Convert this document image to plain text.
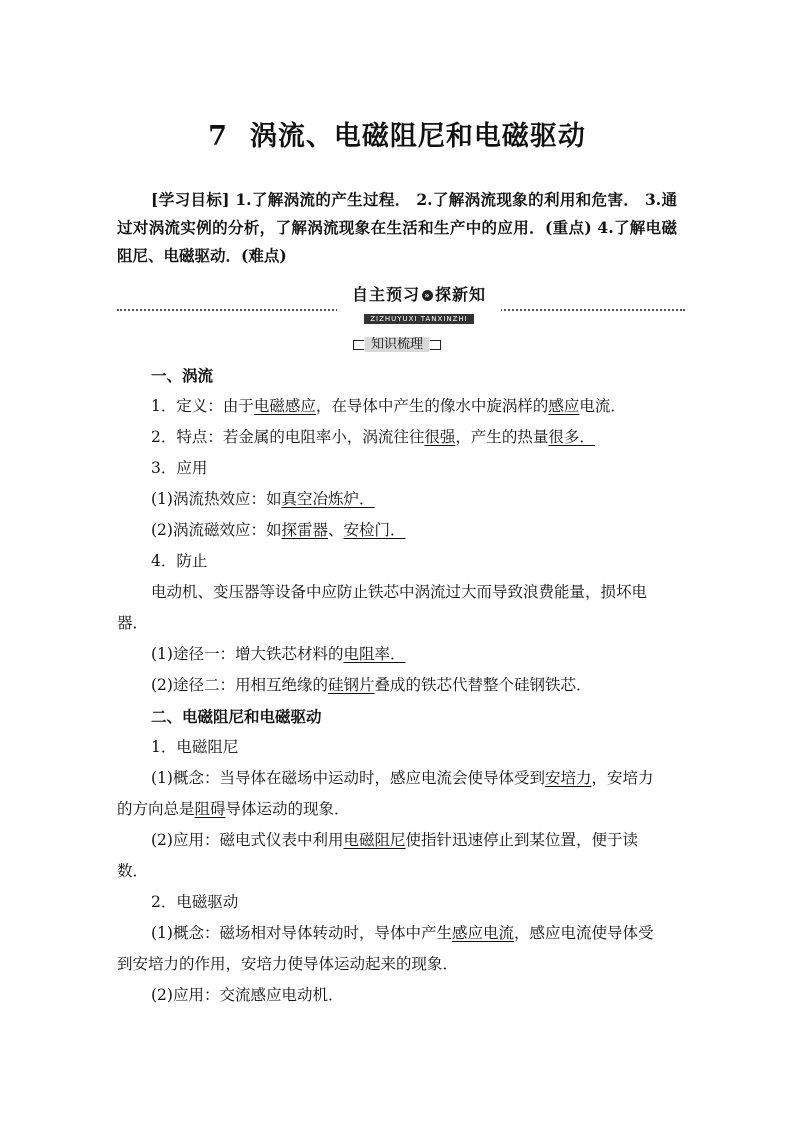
7 涡流、电磁阻尼和电磁驱动
[学习目标] 1.了解涡流的产生过程． 2.了解涡流现象的利用和危害． 3.通过对涡流实例的分析，了解涡流现象在生活和生产中的应用．(重点) 4.了解电磁阻尼、电磁驱动．(难点)
自主预习 » 探新知
ZIZHUYUXI TANXINZHI
知识梳理
一、涡流
1．定义：由于电磁感应，在导体中产生的像水中旋涡样的感应电流．
2．特点：若金属的电阻率小，涡流往往很强，产生的热量很多．
3．应用
(1)涡流热效应：如真空冶炼炉．
(2)涡流磁效应：如探雷器、安检门．
4．防止
电动机、变压器等设备中应防止铁芯中涡流过大而导致浪费能量，损坏电
器．
(1)途径一：增大铁芯材料的电阻率．
(2)途径二：用相互绝缘的硅钢片叠成的铁芯代替整个硅钢铁芯．
二、电磁阻尼和电磁驱动
1．电磁阻尼
(1)概念：当导体在磁场中运动时，感应电流会使导体受到安培力，安培力
的方向总是阻碍导体运动的现象．
(2)应用：磁电式仪表中利用电磁阻尼使指针迅速停止到某位置，便于读
数．
2．电磁驱动
(1)概念：磁场相对导体转动时，导体中产生感应电流，感应电流使导体受
到安培力的作用，安培力使导体运动起来的现象．
(2)应用：交流感应电动机．
